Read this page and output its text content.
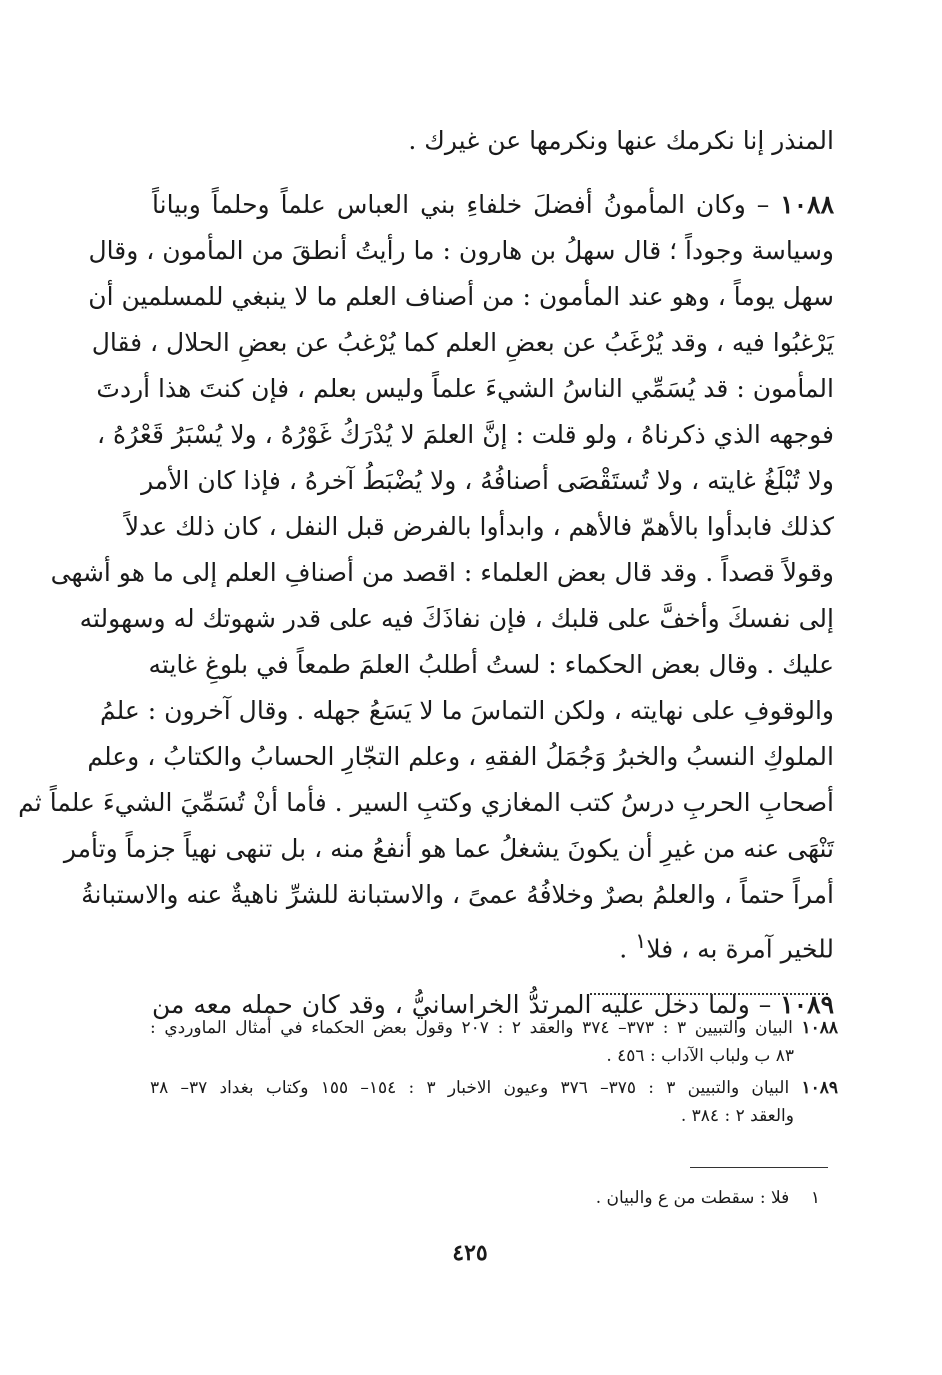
المنذر إنا نكرمك عنها ونكرمها عن غيرك .
١٠٨٨ – وكان المأمونُ أفضلَ خلفاءِ بني العباس علماً وحلماً وبياناً
وسياسة وجوداً ؛ قال سهلُ بن هارون : ما رأيتُ أنطقَ من المأمون ، وقال
سهل يوماً ، وهو عند المأمون : من أصناف العلم ما لا ينبغي للمسلمين أن
يَرْغبُوا فيه ، وقد يُرْغَبُ عن بعضِ العلم كما يُرْغبُ عن بعضِ الحلال ، فقال
المأمون : قد يُسَمِّي الناسُ الشيءَ علماً وليس بعلم ، فإن كنتَ هذا أردتَ
فوجهه الذي ذكرناهُ ، ولو قلت : إنَّ العلمَ لا يُدْرَكُ غَوْرُهُ ، ولا يُسْبَرُ قَعْرُهُ ،
ولا تُبْلَغُ غايته ، ولا تُستَقْصَى أصنافُهُ ، ولا يُضْبَطُ آخرهُ ، فإذا كان الأمر
كذلك فابدأوا بالأهمّ فالأهم ، وابدأوا بالفرض قبل النفل ، كان ذلك عدلاً
وقولاً قصداً . وقد قال بعض العلماء : اقصد من أصنافِ العلم إلى ما هو أشهى
إلى نفسكَ وأخفَّ على قلبك ، فإن نفاذَكَ فيه على قدر شهوتك له وسهولته
عليك . وقال بعض الحكماء : لستُ أطلبُ العلمَ طمعاً في بلوغِ غايته
والوقوفِ على نهايته ، ولكن التماسَ ما لا يَسَعُ جهله . وقال آخرون : علمُ
الملوكِ النسبُ والخبرُ وَجُمَلُ الفقهِ ، وعلم التجّارِ الحسابُ والكتابُ ، وعلم
أصحابِ الحربِ درسُ كتب المغازي وكتبِ السير . فأما أنْ تُسَمِّيَ الشيءَ علماً ثم
تَنْهَى عنه من غيرِ أن يكونَ يشغلُ عما هو أنفعُ منه ، بل تنهى نهياً جزماً وتأمر
أمراً حتماً ، والعلمُ بصرٌ وخلافُهُ عمىً ، والاستبانة للشرِّ ناهيةٌ عنه والاستبانةُ
للخير آمرة به ، فلا$^١$ .
١٠٨٩ – ولما دخل عليه المرتدُّ الخراسانيُّ ، وقد كان حمله معه من
١٠٨٨ البيان والتبيين ٣ : ٣٧٣– ٣٧٤ والعقد ٢ : ٢٠٧ وقول بعض الحكماء في أمثال الماوردي :
٨٣ ب ولباب الآداب : ٤٥٦ .
١٠٨٩ البيان والتبيين ٣ : ٣٧٥– ٣٧٦ وعيون الاخبار ٣ : ١٥٤– ١٥٥ وكتاب بغداد ٣٧– ٣٨
والعقد ٢ : ٣٨٤ .
١    فلا : سقطت من ع والبيان .
٤٢٥
